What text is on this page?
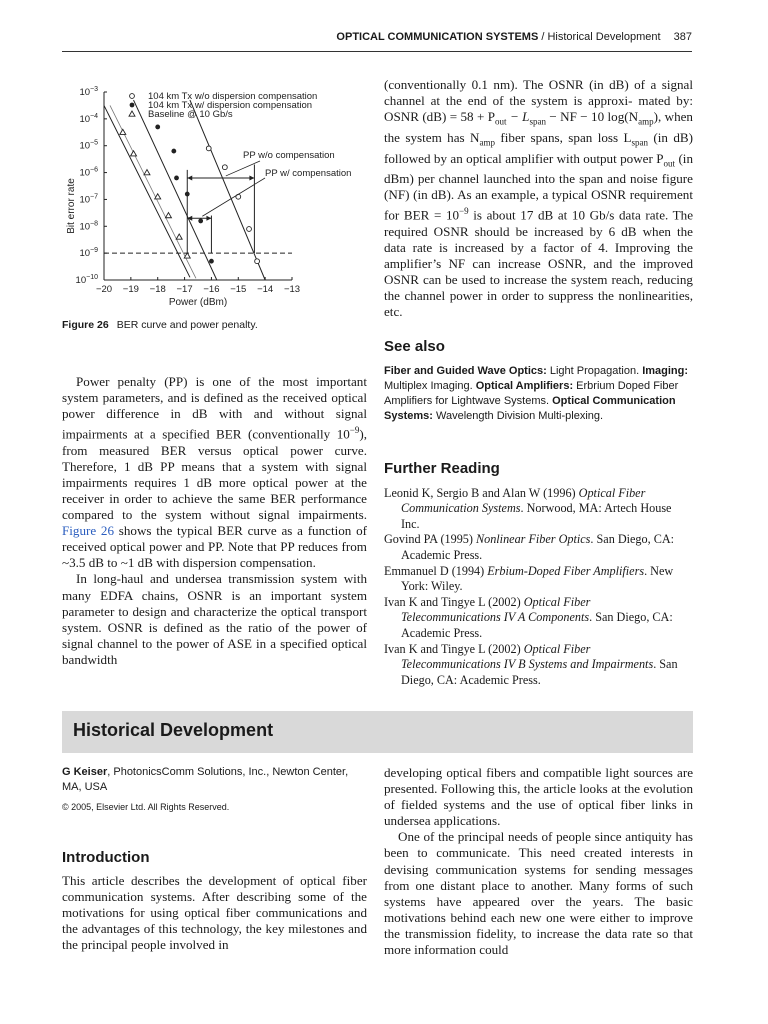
OPTICAL COMMUNICATION SYSTEMS / Historical Development 387
−20 −19 −18 −17 −16 −15 −14 −13
$10^{-3}$
$10^{-4}$
$10^{-5}$
$10^{-6}$
$10^{-7}$
$10^{-8}$
$10^{-9}$
$10^{-10}$
Power (dBm)
Bit error rate
PP w/o compensation
PP w/ compensation
104 km Tx w/o dispersion compensation
104 km Tx w/ dispersion compensation
Baseline @ 10 Gb/s
Figure 26 BER curve and power penalty.

Power penalty (PP) is one of the most important system parameters, and is defined as the received optical power difference in dB with and without signal impairments at a specified BER (conventionally $10^{-9}$), from measured BER versus optical power curve. Therefore, 1 dB PP means that a system with signal impairments requires 1 dB more optical power at the receiver in order to achieve the same BER performance compared to the system without signal impairments. Figure 26 shows the typical BER curve as a function of received optical power and PP. Note that PP reduces from ~3.5 dB to ~1 dB with dispersion compensation.

In long-haul and undersea transmission system with many EDFA chains, OSNR is an important system parameter to design and characterize the optical transport system. OSNR is defined as the ratio of the power of signal channel to the power of ASE in a specified optical bandwidth

(conventionally 0.1 nm). The OSNR (in dB) of a signal channel at the end of the system is approxi- mated by: OSNR $(dB) = 58 + P_{out} - L_{span}$ − NF − 10 $\log(N_{amp})$, when the system has $N_{amp}$ fiber spans, span loss $L_{span}$ (in dB) followed by an optical amplifier with output power $P_{out}$ (in dBm) per channel launched into the span and noise figure (NF) (in dB). As an example, a typical OSNR requirement for BER = $10^{-9}$ is about 17 dB at 10 Gb/s data rate. The required OSNR should be increased by 6 dB when the data rate is increased by a factor of 4. Improving the amplifier’s NF can increase OSNR, and the improved OSNR can be used to increase the system reach, reducing the channel power in order to suppress the nonlinearities, etc.

See also

Fiber and Guided Wave Optics: Light Propagation. Imaging: Multiplex Imaging. Optical Amplifiers: Erbrium Doped Fiber Amplifiers for Lightwave Systems. Optical Communication Systems: Wavelength Division Multi-plexing.

Further Reading

Leonid K, Sergio B and Alan W (1996) Optical Fiber Communication Systems. Norwood, MA: Artech House Inc.

Govind PA (1995) Nonlinear Fiber Optics. San Diego, CA: Academic Press.

Emmanuel D (1994) Erbium-Doped Fiber Amplifiers. New York: Wiley.

Ivan K and Tingye L (2002) Optical Fiber Telecommunications IV A Components. San Diego, CA: Academic Press.

Ivan K and Tingye L (2002) Optical Fiber Telecommunications IV B Systems and Impairments. San Diego, CA: Academic Press.

Historical Development
G Keiser, PhotonicsComm Solutions, Inc., Newton Center, MA, USA
© 2005, Elsevier Ltd. All Rights Reserved.
Introduction

This article describes the development of optical fiber communication systems. After describing some of the motivations for using optical fiber communications and the advantages of this technology, the key milestones and the principal people involved in

developing optical fibers and compatible light sources are presented. Following this, the article looks at the evolution of fielded systems and the use of optical fiber links in undersea applications.

One of the principal needs of people since antiquity has been to communicate. This need created interests in devising communication systems for sending messages from one distant place to another. Many forms of such systems have appeared over the years. The basic motivations behind each new one were either to improve the transmission fidelity, to increase the data rate so that more information could
